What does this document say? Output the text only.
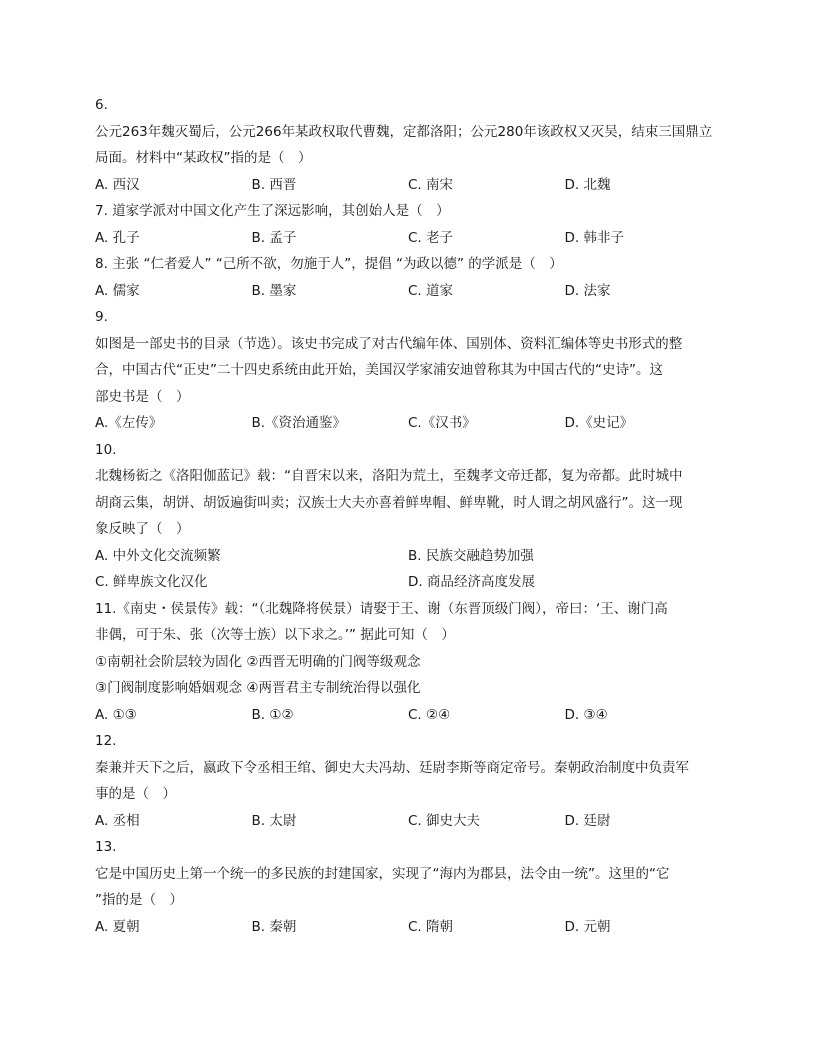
6.
公元263年魏灭蜀后，公元266年某政权取代曹魏，定都洛阳；公元280年该政权又灭吴，结束三国鼎立
局面。材料中“某政权”指的是（　）
A. 西汉	B. 西晋	C. 南宋	D. 北魏
7. 道家学派对中国文化产生了深远影响，其创始人是（　）
A. 孔子	B. 孟子	C. 老子	D. 韩非子
8. 主张 “仁者爱人” “己所不欲，勿施于人”，提倡 “为政以德” 的学派是（　）
A. 儒家	B. 墨家	C. 道家	D. 法家
9.
如图是一部史书的目录（节选）。该史书完成了对古代编年体、国别体、资料汇编体等史书形式的整
合，中国古代“正史”二十四史系统由此开始，美国汉学家浦安迪曾称其为中国古代的“史诗”。这
部史书是（　）
A.《左传》	B.《资治通鉴》	C.《汉书》	D.《史记》
10.
北魏杨衒之《洛阳伽蓝记》载：“自晋宋以来，洛阳为荒土，至魏孝文帝迁都，复为帝都。此时城中
胡商云集，胡饼、胡饭遍街叫卖；汉族士大夫亦喜着鲜卑帽、鲜卑靴，时人谓之胡风盛行”。这一现
象反映了（　）
A. 中外文化交流频繁	B. 民族交融趋势加强
C. 鲜卑族文化汉化	D. 商品经济高度发展
11.《南史・侯景传》载：“（北魏降将侯景）请娶于王、谢（东晋顶级门阀），帝曰：‘王、谢门高
非偶，可于朱、张（次等士族）以下求之。’” 据此可知（　）
①南朝社会阶层较为固化 ②西晋无明确的门阀等级观念
③门阀制度影响婚姻观念 ④两晋君主专制统治得以强化
A. ①③	B. ①②	C. ②④	D. ③④
12.
秦兼并天下之后，嬴政下令丞相王绾、御史大夫冯劫、廷尉李斯等商定帝号。秦朝政治制度中负责军
事的是（　）
A. 丞相	B. 太尉	C. 御史大夫	D. 廷尉
13.
它是中国历史上第一个统一的多民族的封建国家，实现了“海内为郡县，法令由一统”。这里的“它
”指的是（　）
A. 夏朝	B. 秦朝	C. 隋朝	D. 元朝
